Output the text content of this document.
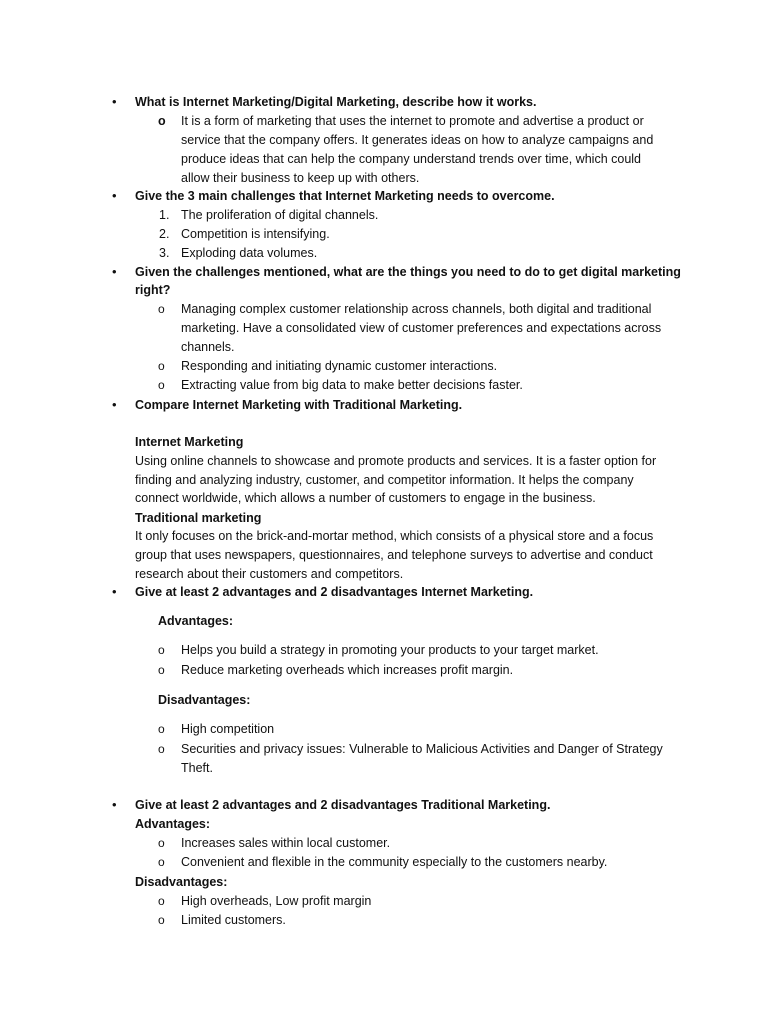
• What is Internet Marketing/Digital Marketing, describe how it works.
o It is a form of marketing that uses the internet to promote and advertise a product or
service that the company offers. It generates ideas on how to analyze campaigns and
produce ideas that can help the company understand trends over time, which could
allow their business to keep up with others.
• Give the 3 main challenges that Internet Marketing needs to overcome.
1. The proliferation of digital channels.
2. Competition is intensifying.
3. Exploding data volumes.
• Given the challenges mentioned, what are the things you need to do to get digital marketing
right?
o Managing complex customer relationship across channels, both digital and traditional
marketing. Have a consolidated view of customer preferences and expectations across
channels.
o Responding and initiating dynamic customer interactions.
o Extracting value from big data to make better decisions faster.
• Compare Internet Marketing with Traditional Marketing.
Internet Marketing
Using online channels to showcase and promote products and services. It is a faster option for
finding and analyzing industry, customer, and competitor information. It helps the company
connect worldwide, which allows a number of customers to engage in the business.
Traditional marketing
It only focuses on the brick-and-mortar method, which consists of a physical store and a focus
group that uses newspapers, questionnaires, and telephone surveys to advertise and conduct
research about their customers and competitors.
• Give at least 2 advantages and 2 disadvantages Internet Marketing.
Advantages:
o Helps you build a strategy in promoting your products to your target market.
o Reduce marketing overheads which increases profit margin.
Disadvantages:
o High competition
o Securities and privacy issues: Vulnerable to Malicious Activities and Danger of Strategy
Theft.
• Give at least 2 advantages and 2 disadvantages Traditional Marketing.
Advantages:
o Increases sales within local customer.
o Convenient and flexible in the community especially to the customers nearby.
Disadvantages:
o High overheads, Low profit margin
o Limited customers.
